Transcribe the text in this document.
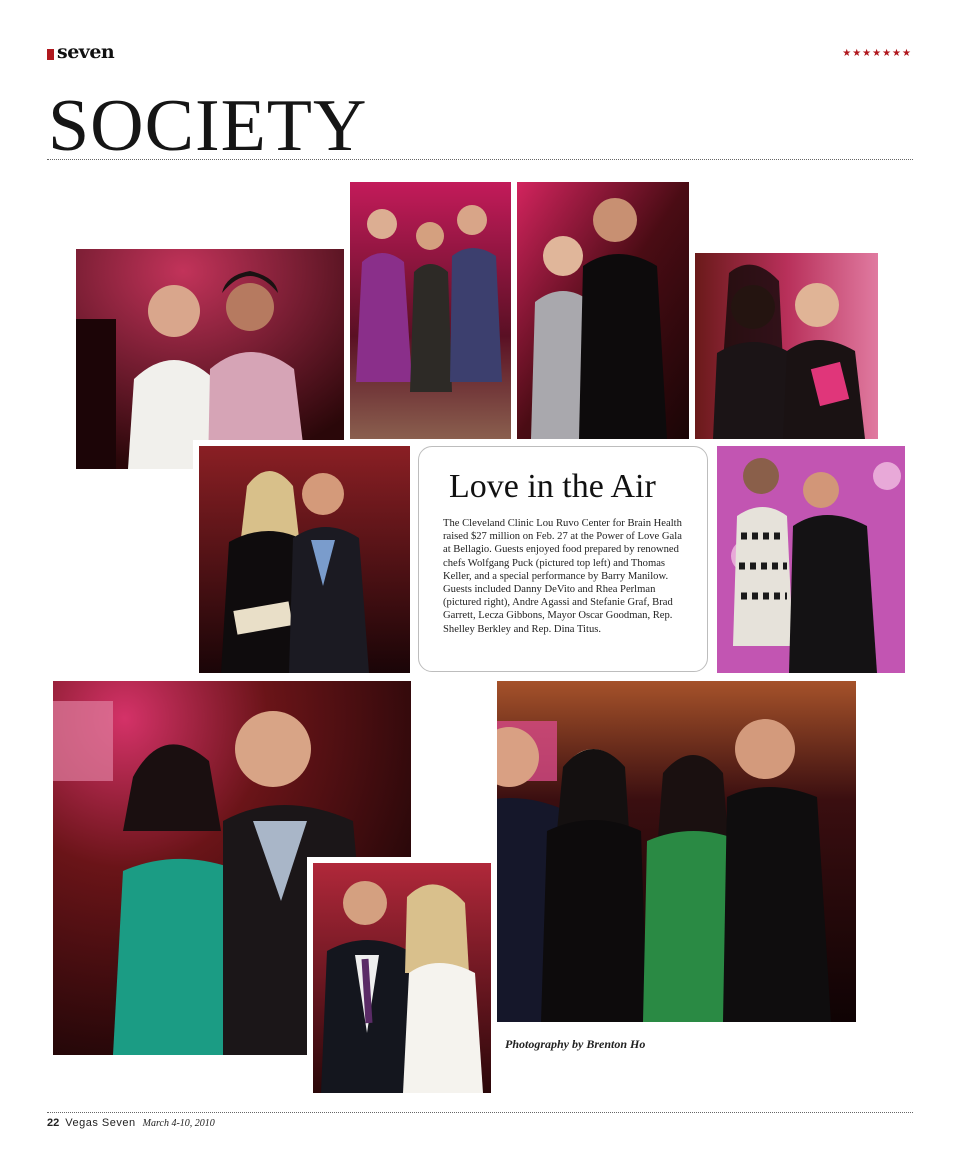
seven	★★★★★★★
SOCIETY
Love in the Air

The Cleveland Clinic Lou Ruvo Center for Brain Health raised $27 million on Feb. 27 at the Power of Love Gala at Bellagio. Guests enjoyed food prepared by renowned chefs Wolfgang Puck (pictured top left) and Thomas Keller, and a special performance by Barry Manilow. Guests included Danny DeVito and Rhea Perlman (pictured right), Andre Agassi and Stefanie Graf, Brad Garrett, Lecza Gibbons, Mayor Oscar Goodman, Rep. Shelley Berkley and Rep. Dina Titus.

Photography by Brenton Ho
22 Vegas Seven March 4-10, 2010
